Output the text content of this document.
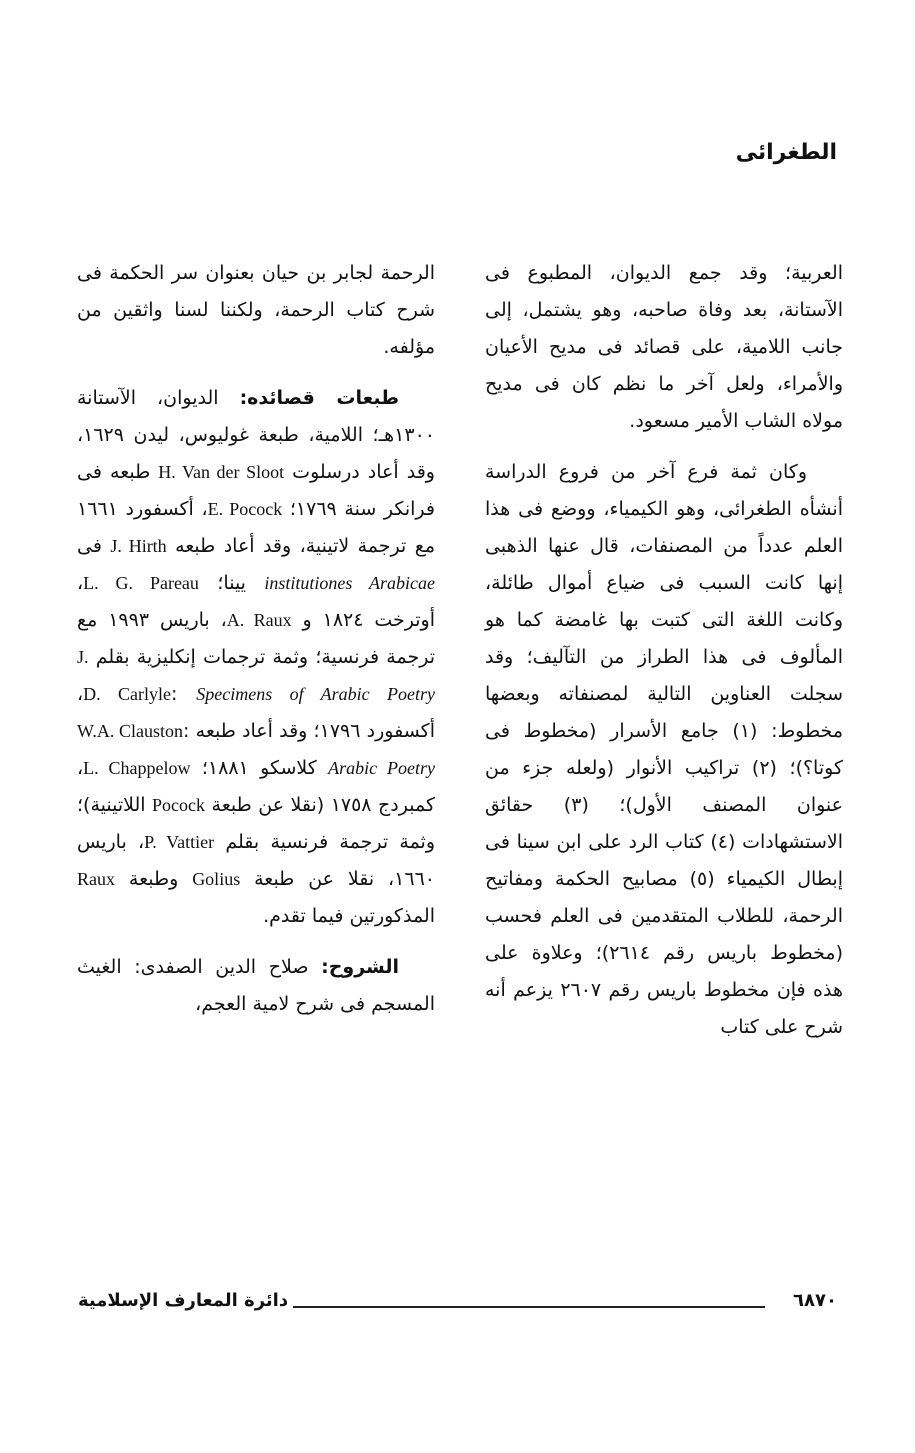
الطغرائى

العربية؛ وقد جمع الديوان، المطبوع فى الآستانة، بعد وفاة صاحبه، وهو يشتمل، إلى جانب اللامية، على قصائد فى مديح الأعيان والأمراء، ولعل آخر ما نظم كان فى مديح مولاه الشاب الأمير مسعود.

وكان ثمة فرع آخر من فروع الدراسة أنشأه الطغرائى، وهو الكيمياء، ووضع فى هذا العلم عدداً من المصنفات، قال عنها الذهبى إنها كانت السبب فى ضياع أموال طائلة، وكانت اللغة التى كتبت بها غامضة كما هو المألوف فى هذا الطراز من التآليف؛ وقد سجلت العناوين التالية لمصنفاته وبعضها مخطوط: (١) جامع الأسرار (مخطوط فى كوتا؟)؛ (٢) تراكيب الأنوار (ولعله جزء من عنوان المصنف الأول)؛ (٣) حقائق الاستشهادات (٤) كتاب الرد على ابن سينا فى إبطال الكيمياء (٥) مصابيح الحكمة ومفاتيح الرحمة، للطلاب المتقدمين فى العلم فحسب (مخطوط باريس رقم ٢٦١٤)؛ وعلاوة على هذه فإن مخطوط باريس رقم ٢٦٠٧ يزعم أنه شرح على كتاب

الرحمة لجابر بن حيان بعنوان سر الحكمة فى شرح كتاب الرحمة، ولكننا لسنا واثقين من مؤلفه.

طبعات قصائده: الديوان، الآستانة ١٣٠٠هـ؛ اللامية، طبعة غوليوس، ليدن ١٦٢٩، وقد أعاد درسلوت H. Van der Sloot طبعه فى فرانكر سنة ١٧٦٩؛ E. Pocock، أكسفورد ١٦٦١ مع ترجمة لاتينية، وقد أعاد طبعه J. Hirth فى institutiones Arabicae يينا؛ L. G. Pareau، أوترخت ١٨٢٤ و A. Raux، باريس ١٩٩٣ مع ترجمة فرنسية؛ وثمة ترجمات إنكليزية بقلم J. D. Carlyle: Specimens of Arabic Poetry، أكسفورد ١٧٩٦؛ وقد أعاد طبعه W.A. Clauston: Arabic Poetry كلاسكو ١٨٨١؛ L. Chappelow، كمبردج ١٧٥٨ (نقلا عن طبعة Pocock اللاتينية)؛ وثمة ترجمة فرنسية بقلم P. Vattier، باريس ١٦٦٠، نقلا عن طبعة Golius وطبعة Raux المذكورتين فيما تقدم.

الشروح: صلاح الدين الصفدى: الغيث المسجم فى شرح لامية العجم،

٦٨٧٠
دائرة المعارف الإسلامية
